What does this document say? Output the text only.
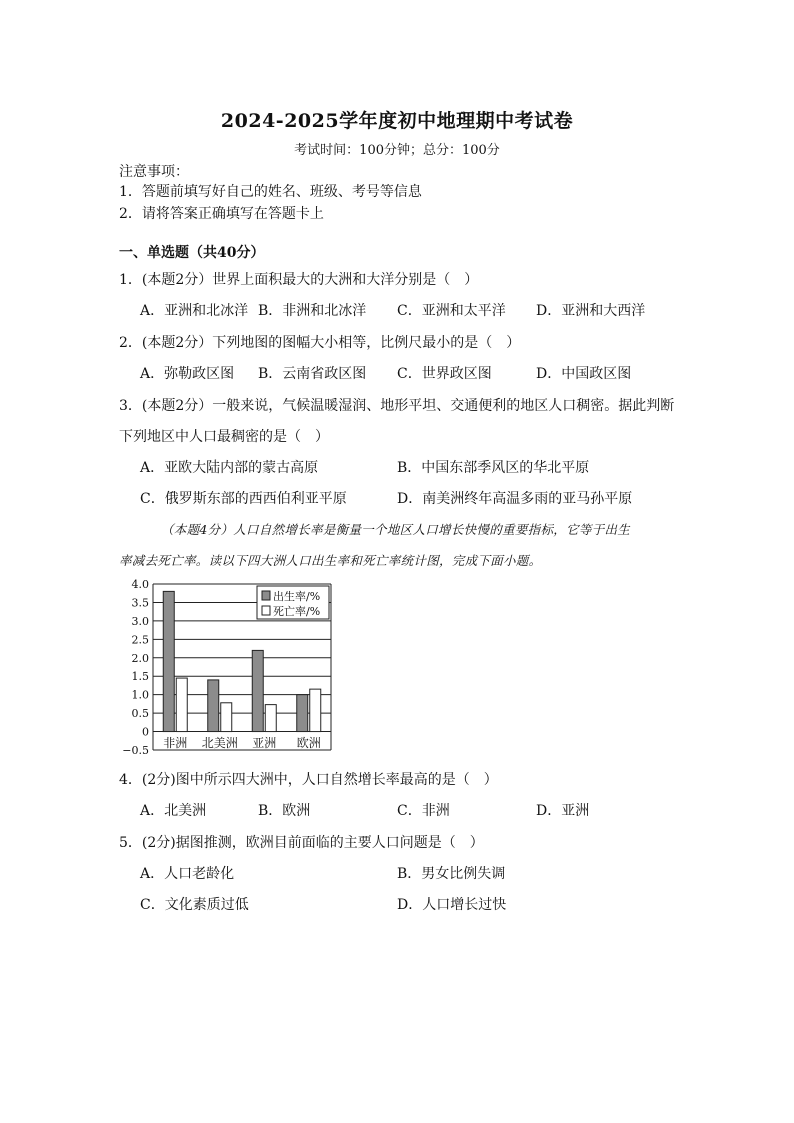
2024-2025学年度初中地理期中考试卷
考试时间：100分钟；总分：100分
注意事项：
1．答题前填写好自己的姓名、班级、考号等信息
2．请将答案正确填写在答题卡上
一、单选题（共40分）
1．(本题2分）世界上面积最大的大洲和大洋分别是（　）
A．亚洲和北冰洋 B．非洲和北冰洋 C．亚洲和太平洋 D．亚洲和大西洋
2．(本题2分）下列地图的图幅大小相等，比例尺最小的是（　）
A．弥勒政区图 B．云南省政区图 C．世界政区图	D．中国政区图
3．(本题2分）一般来说，气候温暖湿润、地形平坦、交通便利的地区人口稠密。据此判断
下列地区中人口最稠密的是（　）
A．亚欧大陆内部的蒙古高原	B．中国东部季风区的华北平原
C．俄罗斯东部的西西伯利亚平原	D．南美洲终年高温多雨的亚马孙平原
（本题4分）人口自然增长率是衡量一个地区人口增长快慢的重要指标，它等于出生
率减去死亡率。读以下四大洲人口出生率和死亡率统计图，完成下面小题。
4.0
3.5
3.0
2.5
2.0
1.5
1.0
0.5
0
−0.5
非洲 北美洲 亚洲 欧洲
出生率/%
死亡率/%
4．(2分)图中所示四大洲中，人口自然增长率最高的是（　）
A．北美洲	B．欧洲	C．非洲	D．亚洲
5．(2分)据图推测，欧洲目前面临的主要人口问题是（　）
A．人口老龄化	B．男女比例失调
C．文化素质过低	D．人口增长过快
